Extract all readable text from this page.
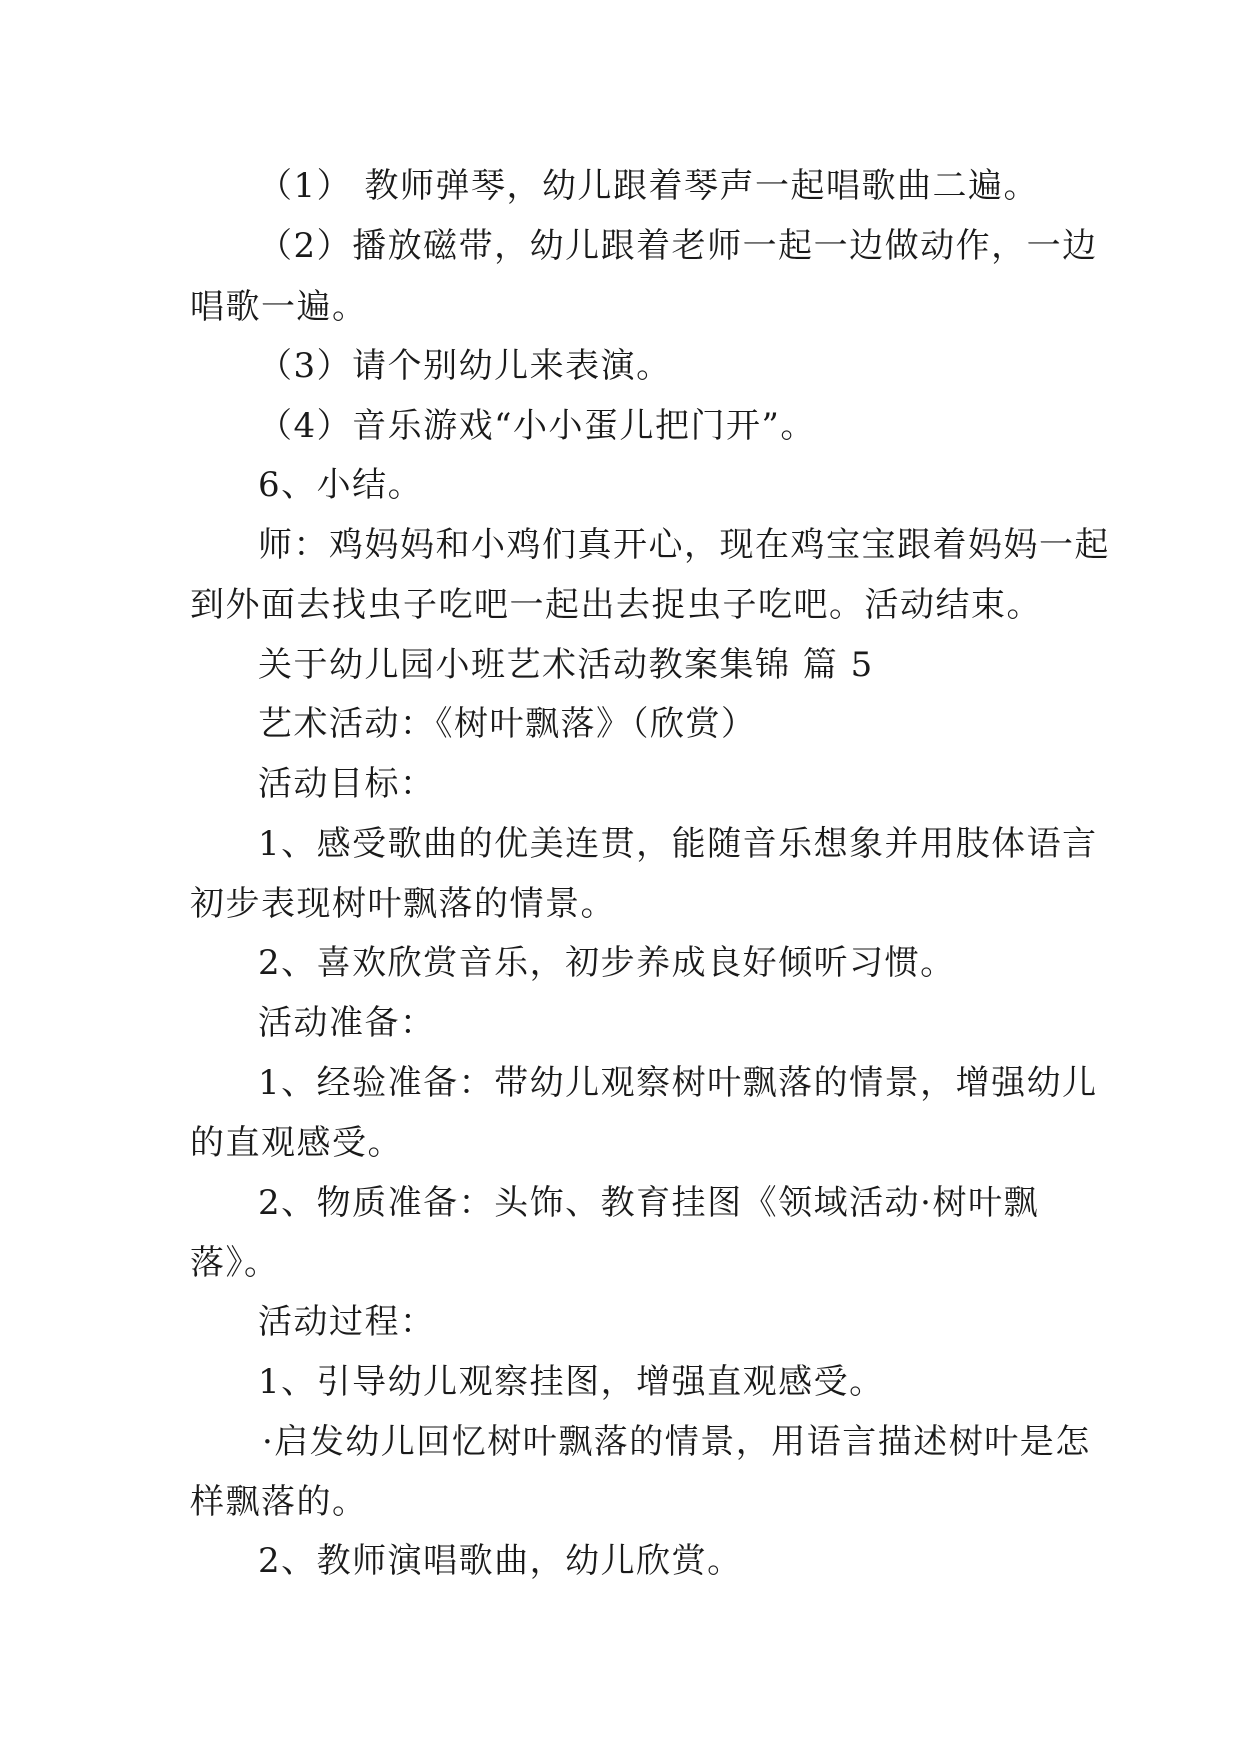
（1） 教师弹琴，幼儿跟着琴声一起唱歌曲二遍。
（2）播放磁带，幼儿跟着老师一起一边做动作，一边
唱歌一遍。
（3）请个别幼儿来表演。
（4）音乐游戏“小小蛋儿把门开”。
6、小结。
师：鸡妈妈和小鸡们真开心，现在鸡宝宝跟着妈妈一起
到外面去找虫子吃吧一起出去捉虫子吃吧。活动结束。
关于幼儿园小班艺术活动教案集锦 篇 5
艺术活动：《树叶飘落》（欣赏）
活动目标：
1、感受歌曲的优美连贯，能随音乐想象并用肢体语言
初步表现树叶飘落的情景。
2、喜欢欣赏音乐，初步养成良好倾听习惯。
活动准备：
1、经验准备：带幼儿观察树叶飘落的情景，增强幼儿
的直观感受。
2、物质准备：头饰、教育挂图《领域活动·树叶飘
落》。
活动过程：
1、引导幼儿观察挂图，增强直观感受。
·启发幼儿回忆树叶飘落的情景，用语言描述树叶是怎
样飘落的。
2、教师演唱歌曲，幼儿欣赏。
